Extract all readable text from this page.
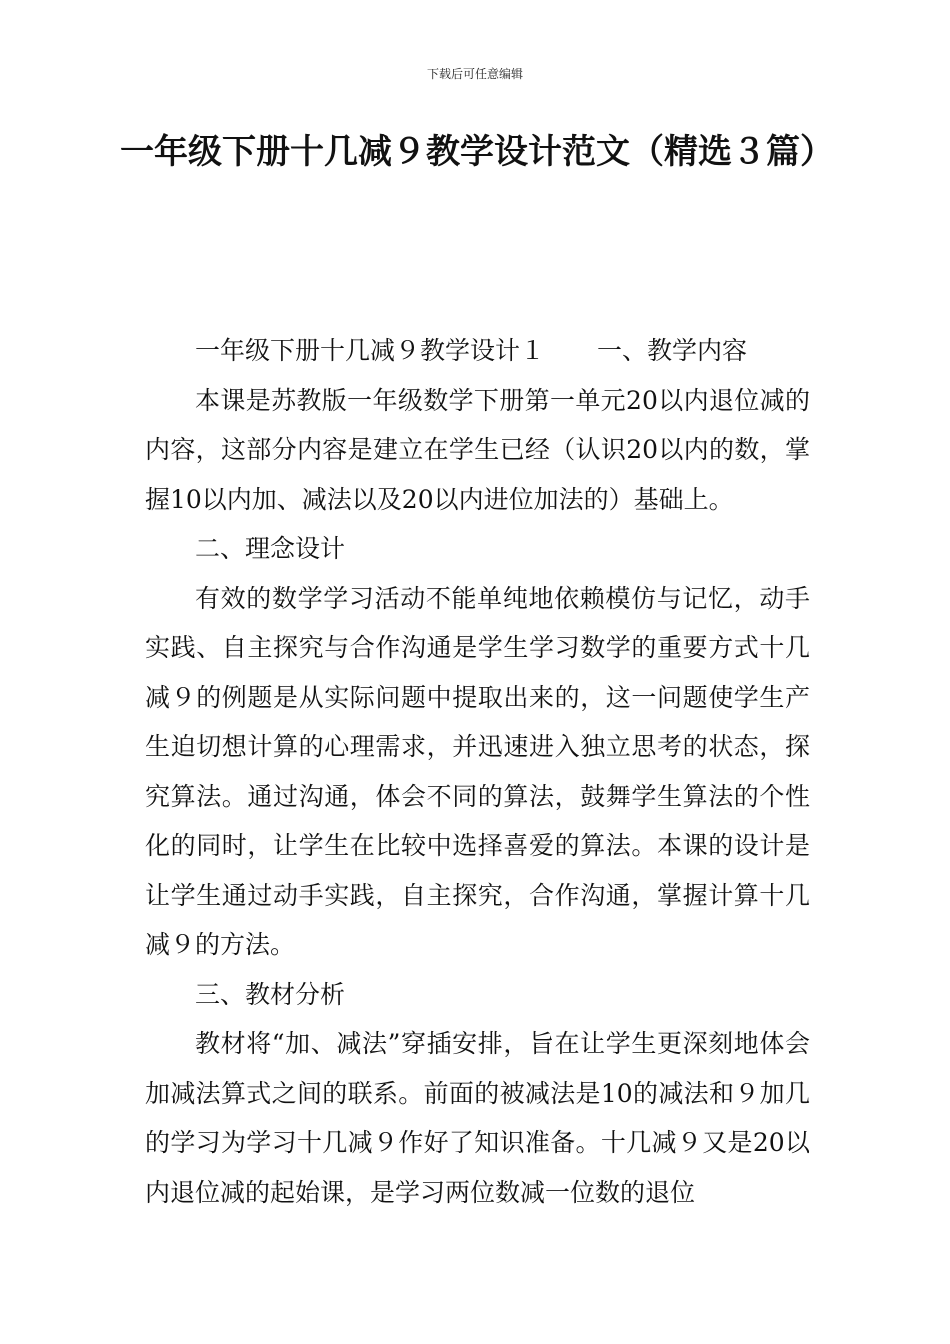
下载后可任意编辑
一年级下册十几减９教学设计范文（精选３篇）

一年级下册十几减９教学设计１ 一、教学内容

本课是苏教版一年级数学下册第一单元20以内退位减的内容，这部分内容是建立在学生已经（认识20以内的数，掌握10以内加、减法以及20以内进位加法的）基础上。

二、理念设计

有效的数学学习活动不能单纯地依赖模仿与记忆，动手实践、自主探究与合作沟通是学生学习数学的重要方式十几减９的例题是从实际问题中提取出来的，这一问题使学生产生迫切想计算的心理需求，并迅速进入独立思考的状态，探究算法。通过沟通，体会不同的算法，鼓舞学生算法的个性化的同时，让学生在比较中选择喜爱的算法。本课的设计是让学生通过动手实践，自主探究，合作沟通，掌握计算十几减９的方法。

三、教材分析

教材将“加、减法”穿插安排，旨在让学生更深刻地体会加减法算式之间的联系。前面的被减法是10的减法和９加几的学习为学习十几减９作好了知识准备。十几减９又是20以内退位减的起始课，是学习两位数减一位数的退位
